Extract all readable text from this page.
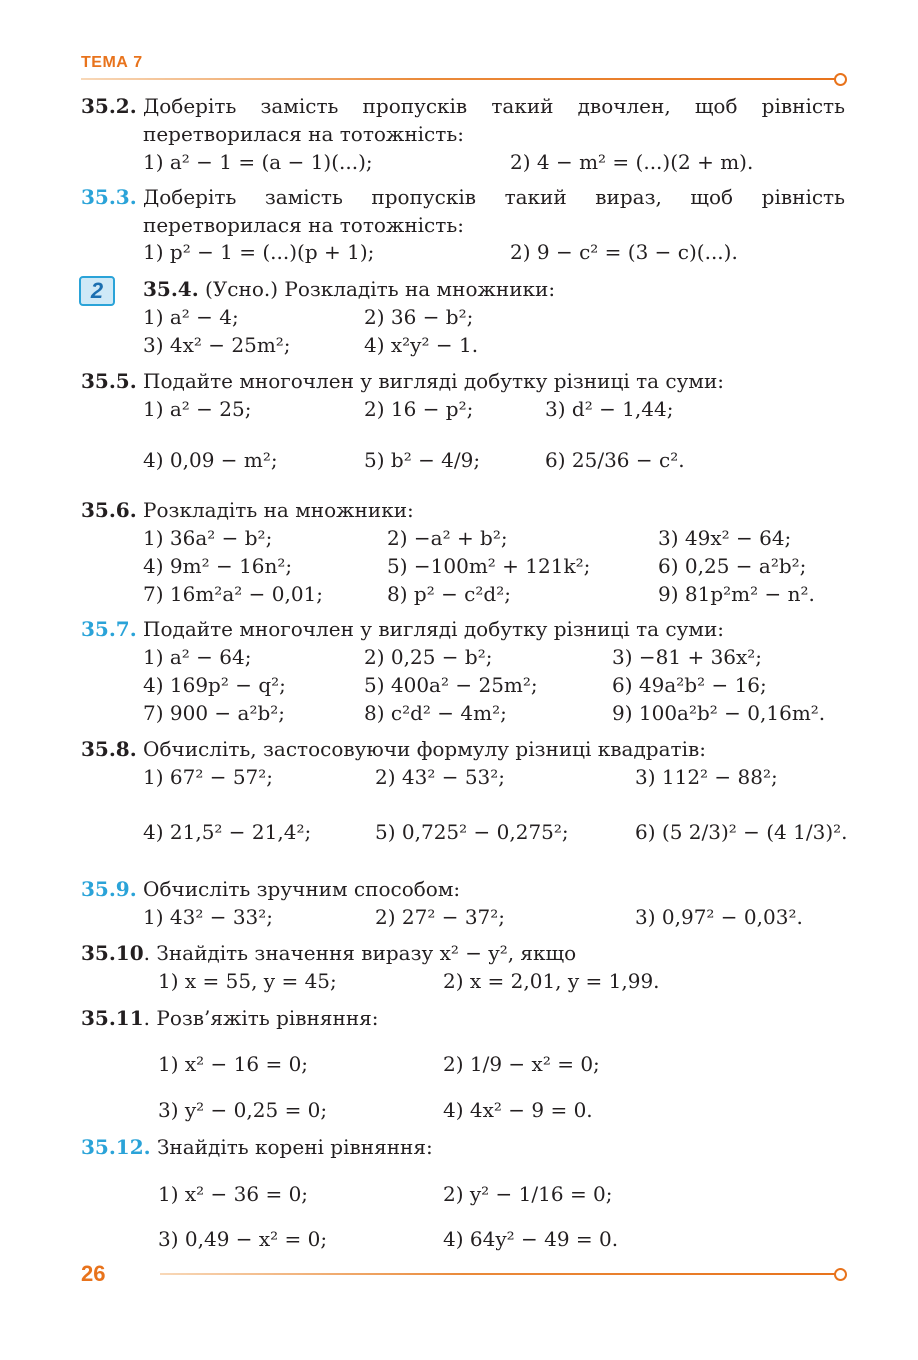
ТЕМА 7
35.2. Доберіть замість пропусків такий двочлен, щоб рівність перетворилася на тотожність:
1) a² − 1 = (a − 1)(...);	2) 4 − m² = (...)(2 + m).
35.3. Доберіть замість пропусків такий вираз, щоб рівність перетворилася на тотожність:
1) p² − 1 = (...)(p + 1);	2) 9 − c² = (3 − c)(...).
2	35.4. (Усно.) Розкладіть на множники:
1) a² − 4;	2) 36 − b²;
3) 4x² − 25m²;	4) x²y² − 1.
35.5. Подайте многочлен у вигляді добутку різниці та суми:
1) a² − 25;	2) 16 − p²;	3) d² − 1,44;
4) 0,09 − m²;	5) b² − 4/9;	6) 25/36 − c².
35.6. Розкладіть на множники:
1) 36a² − b²;	2) −a² + b²;	3) 49x² − 64;
4) 9m² − 16n²;	5) −100m² + 121k²;	6) 0,25 − a²b²;
7) 16m²a² − 0,01;	8) p² − c²d²;	9) 81p²m² − n².
35.7. Подайте многочлен у вигляді добутку різниці та суми:
1) a² − 64;	2) 0,25 − b²;	3) −81 + 36x²;
4) 169p² − q²;	5) 400a² − 25m²;	6) 49a²b² − 16;
7) 900 − a²b²;	8) c²d² − 4m²;	9) 100a²b² − 0,16m².
35.8. Обчисліть, застосовуючи формулу різниці квадратів:
1) 67² − 57²;	2) 43² − 53²;	3) 112² − 88²;
4) 21,5² − 21,4²;	5) 0,725² − 0,275²;	6) (5 2/3)² − (4 1/3)².
35.9. Обчисліть зручним способом:
1) 43² − 33²;	2) 27² − 37²;	3) 0,97² − 0,03².
35.10. Знайдіть значення виразу x² − y², якщо
1) x = 55, y = 45;	2) x = 2,01, y = 1,99.
35.11. Розв’яжіть рівняння:
1) x² − 16 = 0;	2) 1/9 − x² = 0;
3) y² − 0,25 = 0;	4) 4x² − 9 = 0.
35.12. Знайдіть корені рівняння:
1) x² − 36 = 0;	2) y² − 1/16 = 0;
3) 0,49 − x² = 0;	4) 64y² − 49 = 0.
26
